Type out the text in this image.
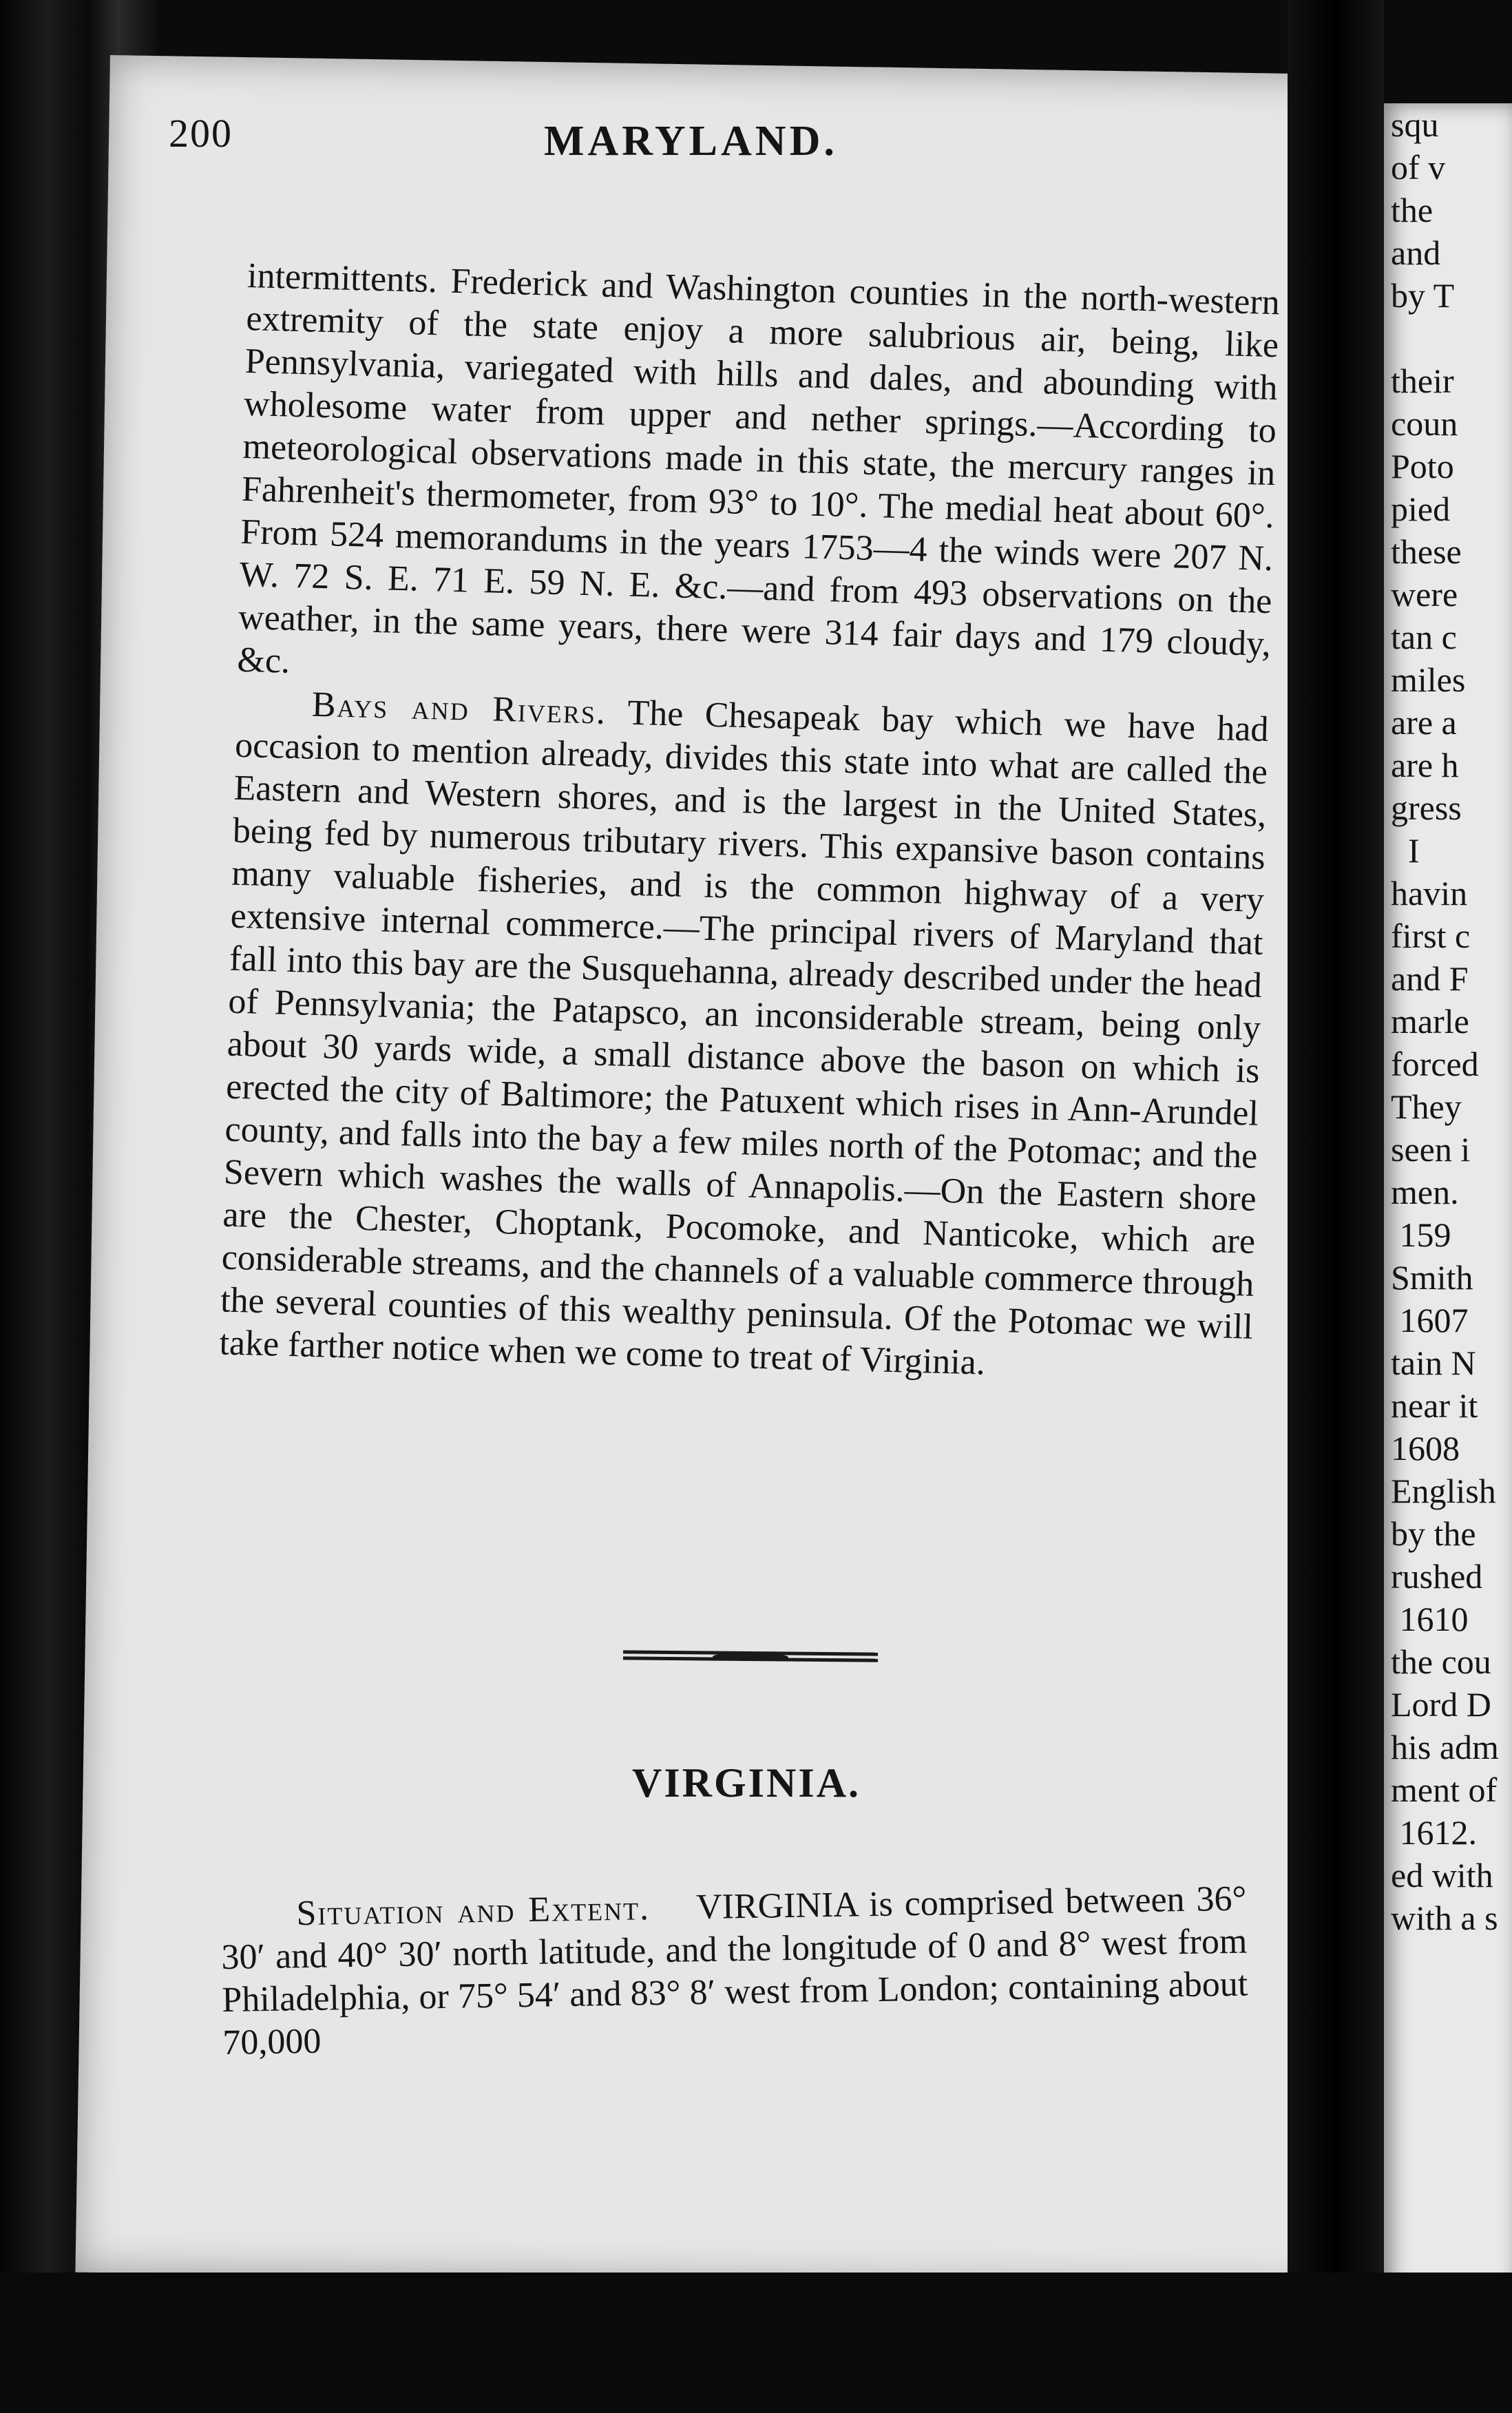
squ
of v
the
and
by T

their
coun
Poto
pied
these
were
tan c
miles
are a
are h
gress
I
havin
first c
and F
marle
forced
They
seen i
men.
159
Smith
1607
tain N
near it
1608
English
by the
rushed
1610
the cou
Lord D
his adm
ment of
1612.
ed with
with a s
200	MARYLAND.

intermittents. Frederick and Washington counties in the north-western extremity of the state enjoy a more salubrious air, being, like Pennsylvania, variegated with hills and dales, and abounding with wholesome water from upper and nether springs.—According to meteorological observations made in this state, the mercury ranges in Fahrenheit's thermometer, from 93° to 10°. The medial heat about 60°. From 524 memorandums in the years 1753—4 the winds were 207 N. W. 72 S. E. 71 E. 59 N. E. &c.—and from 493 observations on the weather, in the same years, there were 314 fair days and 179 cloudy, &c.

Bays and Rivers. The Chesapeak bay which we have had occasion to mention already, divides this state into what are called the Eastern and Western shores, and is the largest in the United States, being fed by numerous tributary rivers. This expansive bason contains many valuable fisheries, and is the common highway of a very extensive internal commerce.—The principal rivers of Maryland that fall into this bay are the Susquehanna, already described under the head of Pennsylvania; the Patapsco, an inconsiderable stream, being only about 30 yards wide, a small distance above the bason on which is erected the city of Baltimore; the Patuxent which rises in Ann-Arundel county, and falls into the bay a few miles north of the Potomac; and the Severn which washes the walls of Annapolis.—On the Eastern shore are the Chester, Choptank, Pocomoke, and Nanticoke, which are considerable streams, and the channels of a valuable commerce through the several counties of this wealthy peninsula. Of the Potomac we will take farther notice when we come to treat of Virginia.

VIRGINIA.

Situation and Extent. VIRGINIA is comprised between 36° 30′ and 40° 30′ north latitude, and the longitude of 0 and 8° west from Philadelphia, or 75° 54′ and 83° 8′ west from London; containing about 70,000
